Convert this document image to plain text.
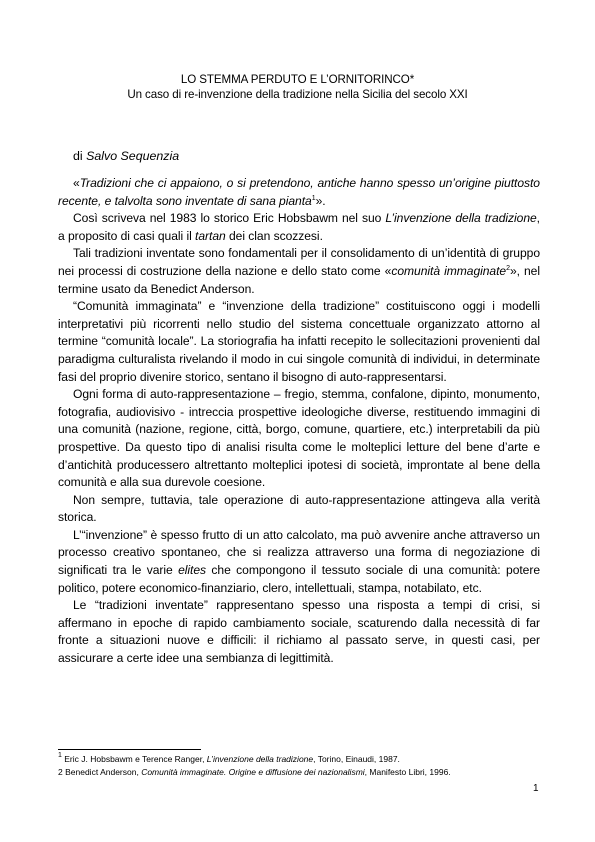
LO STEMMA PERDUTO E L’ORNITORINCO*
Un caso di re-invenzione della tradizione nella Sicilia del secolo XXI
di Salvo Sequenzia

«Tradizioni che ci appaiono, o si pretendono, antiche hanno spesso un’origine piuttosto recente, e talvolta sono inventate di sana pianta$^1$».

Così scriveva nel 1983 lo storico Eric Hobsbawm nel suo L’invenzione della tradizione, a proposito di casi quali il tartan dei clan scozzesi.

Tali tradizioni inventate sono fondamentali per il consolidamento di un’identità di gruppo nei processi di costruzione della nazione e dello stato come «comunità immaginate$^2$», nel termine usato da Benedict Anderson.

“Comunità immaginata” e “invenzione della tradizione” costituiscono oggi i modelli interpretativi più ricorrenti nello studio del sistema concettuale organizzato attorno al termine “comunità locale”. La storiografia ha infatti recepito le sollecitazioni provenienti dal paradigma culturalista rivelando il modo in cui singole comunità di individui, in determinate fasi del proprio divenire storico, sentano il bisogno di auto-rappresentarsi.

Ogni forma di auto-rappresentazione – fregio, stemma, confalone, dipinto, monumento, fotografia, audiovisivo - intreccia prospettive ideologiche diverse, restituendo immagini di una comunità (nazione, regione, città, borgo, comune, quartiere, etc.) interpretabili da più prospettive. Da questo tipo di analisi risulta come le molteplici letture del bene d’arte e d’antichità producessero altrettanto molteplici ipotesi di società, improntate al bene della comunità e alla sua durevole coesione.

Non sempre, tuttavia, tale operazione di auto-rappresentazione attingeva alla verità storica.

L’“invenzione” è spesso frutto di un atto calcolato, ma può avvenire anche attraverso un processo creativo spontaneo, che si realizza attraverso una forma di negoziazione di significati tra le varie elites che compongono il tessuto sociale di una comunità: potere politico, potere economico-finanziario, clero, intellettuali, stampa, notabilato, etc.

Le “tradizioni inventate” rappresentano spesso una risposta a tempi di crisi, si affermano in epoche di rapido cambiamento sociale, scaturendo dalla necessità di far fronte a situazioni nuove e difficili: il richiamo al passato serve, in questi casi, per assicurare a certe idee una sembianza di legittimità.

$^1$ Eric J. Hobsbawm e Terence Ranger, L’invenzione della tradizione, Torino, Einaudi, 1987.
2 Benedict Anderson, Comunità immaginate. Origine e diffusione dei nazionalismi, Manifesto Libri, 1996.
1
